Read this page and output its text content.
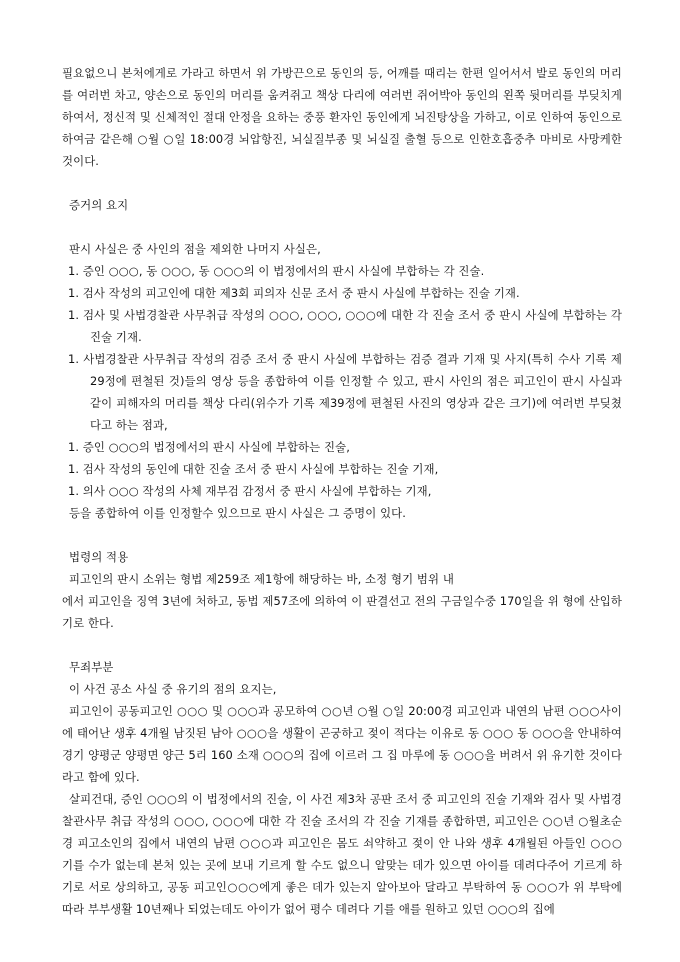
필요없으니 본처에게로 가라고 하면서 위 가방끈으로 동인의 등, 어깨를 때리는 한편 일어서서 발로 동인의 머리를 여러번 차고, 양손으로 동인의 머리를 움켜쥐고 책상 다리에 여러번 쥐어박아 동인의 왼쪽 뒷머리를 부딪치게 하여서, 정신적 및 신체적인 절대 안정을 요하는 중풍 환자인 동인에게 뇌진탕상을 가하고, 이로 인하여 동인으로 하여금 같은해 ○월 ○일 18:00경 뇌압항진, 뇌실질부종 및 뇌실질 출혈 등으로 인한호흡중추 마비로 사망케한 것이다.

증거의 요지

판시 사실은 중 사인의 점을 제외한 나머지 사실은,

1. 증인 ○○○, 동 ○○○, 동 ○○○의 이 법정에서의 판시 사실에 부합하는 각 진술.

1. 검사 작성의 피고인에 대한 제3회 피의자 신문 조서 중 판시 사실에 부합하는 진술 기재.

1. 검사 및 사법경찰관 사무취급 작성의 ○○○, ○○○, ○○○에 대한 각 진술 조서 중 판시 사실에 부합하는 각 진술 기재.

1. 사법경찰관 사무취급 작성의 검증 조서 중 판시 사실에 부합하는 검증 결과 기재 및 사지(특히 수사 기록 제29정에 편철된 것)들의 영상 등을 종합하여 이를 인정할 수 있고, 판시 사인의 점은 피고인이 판시 사실과 같이 피해자의 머리를 책상 다리(위수가 기록 제39정에 편철된 사진의 영상과 같은 크기)에 여러번 부딪쳤다고 하는 점과,

1. 증인 ○○○의 법정에서의 판시 사실에 부합하는 진술,

1. 검사 작성의 동인에 대한 진술 조서 중 판시 사실에 부합하는 진술 기재,

1. 의사 ○○○ 작성의 사체 재부검 감정서 중 판시 사실에 부합하는 기재,

등을 종합하여 이를 인정할수 있으므로 판시 사실은 그 증명이 있다.

법령의 적용

피고인의 판시 소위는 형법 제259조 제1항에 해당하는 바, 소정 형기 범위 내

에서 피고인을 징역 3년에 처하고, 동법 제57조에 의하여 이 판결선고 전의 구금일수중 170일을 위 형에 산입하기로 한다.

무죄부분

이 사건 공소 사실 중 유기의 점의 요지는,

피고인이 공동피고인 ○○○ 및 ○○○과 공모하여 ○○년 ○월 ○일 20:00경 피고인과 내연의 남편 ○○○사이에 태어난 생후 4개월 남짓된 남아 ○○○을 생활이 곤궁하고 젖이 적다는 이유로 동 ○○○ 동 ○○○을 안내하여 경기 양평군 양평면 양근 5리 160 소재 ○○○의 집에 이르러 그 집 마루에 동 ○○○을 버려서 위 유기한 것이다 라고 함에 있다.

살피건대, 증인 ○○○의 이 법정에서의 진술, 이 사건 제3차 공판 조서 중 피고인의 진술 기재와 검사 및 사법경찰관사무 취급 작성의 ○○○, ○○○에 대한 각 진술 조서의 각 진술 기재를 종합하면, 피고인은 ○○년 ○월초순경 피고소인의 집에서 내연의 남편 ○○○과 피고인은 몸도 쇠약하고 젖이 안 나와 생후 4개월된 아들인 ○○○ 기를 수가 없는데 본처 있는 곳에 보내 기르게 할 수도 없으니 알맞는 데가 있으면 아이를 데려다주어 기르게 하기로 서로 상의하고, 공동 피고인○○○에게 좋은 데가 있는지 알아보아 달라고 부탁하여 동 ○○○가 위 부탁에 따라 부부생활 10년째나 되었는데도 아이가 없어 평수 데려다 기를 애를 원하고 있던 ○○○의 집에
